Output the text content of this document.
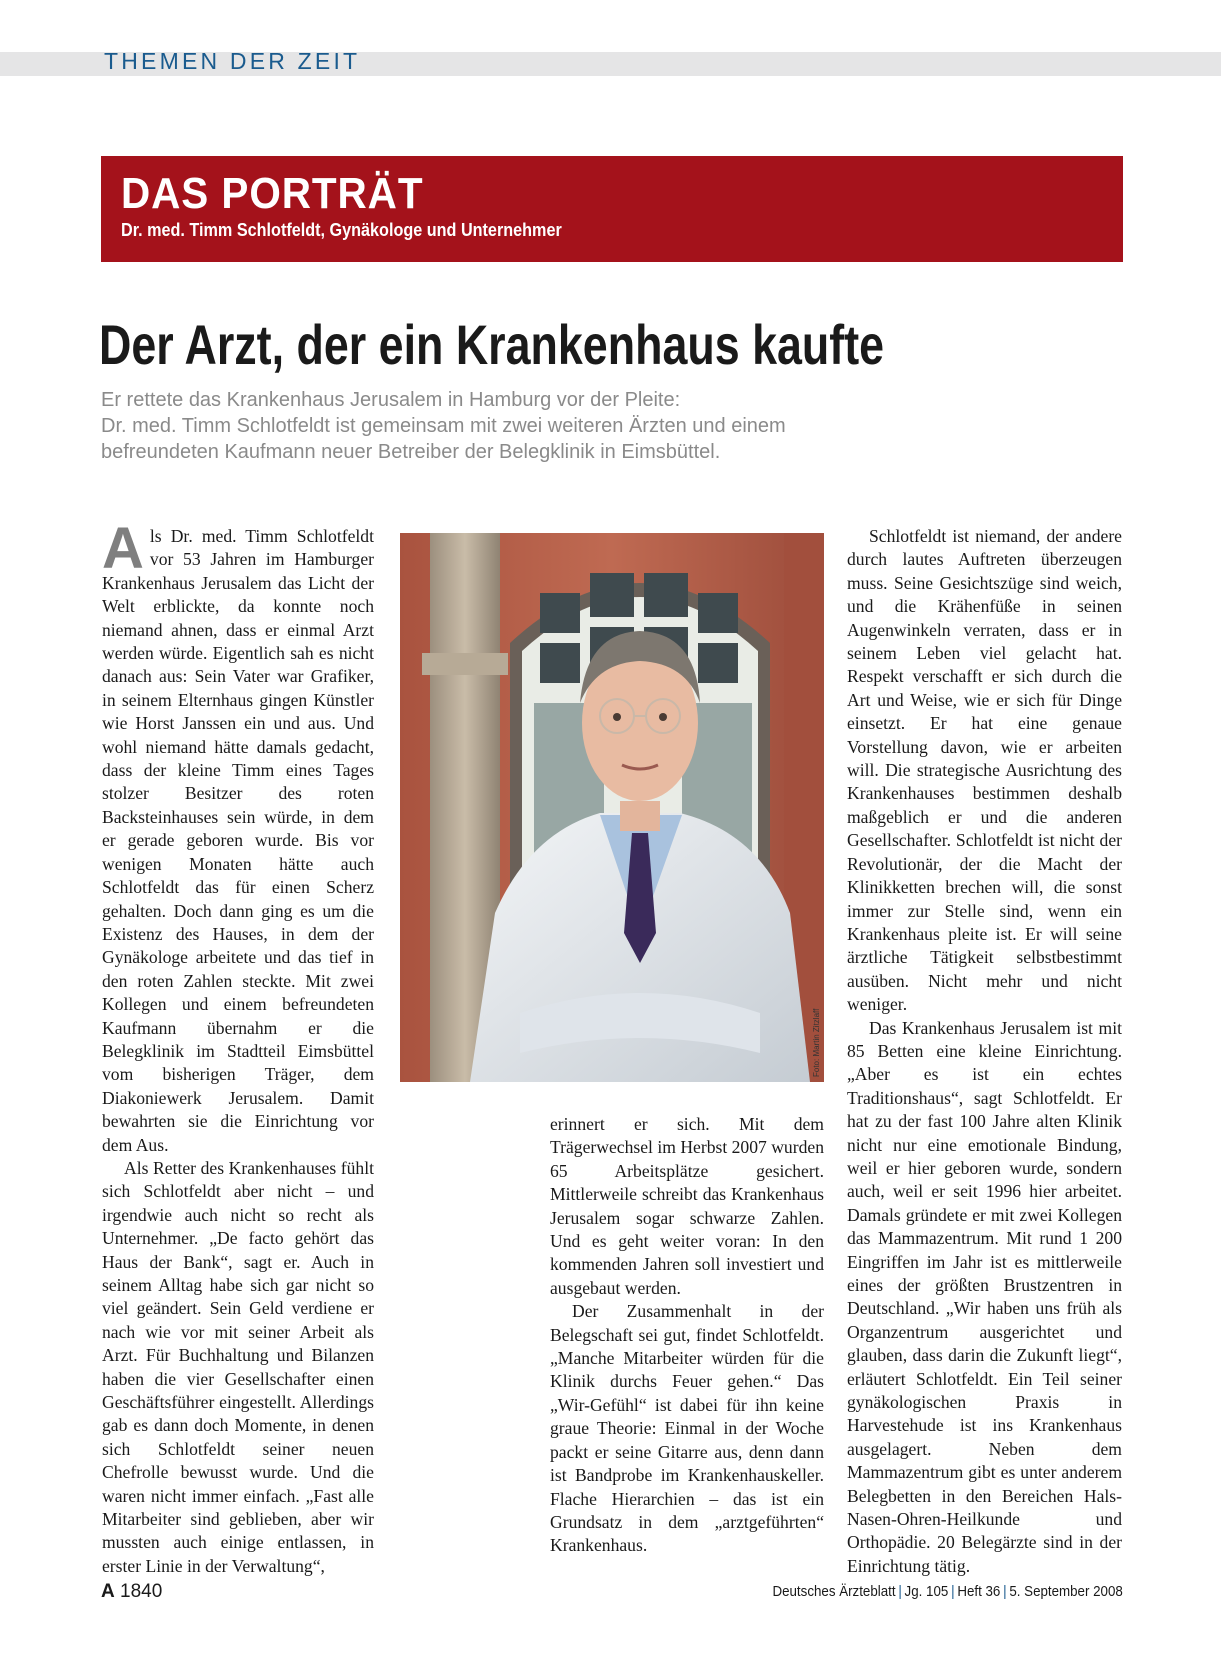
THEMEN DER ZEIT
DAS PORTRÄT
Dr. med. Timm Schlotfeldt, Gynäkologe und Unternehmer
Der Arzt, der ein Krankenhaus kaufte
Er rettete das Krankenhaus Jerusalem in Hamburg vor der Pleite:
Dr. med. Timm Schlotfeldt ist gemeinsam mit zwei weiteren Ärzten und einem
befreundeten Kaufmann neuer Betreiber der Belegklinik in Eimsbüttel.

Als Dr. med. Timm Schlotfeldt vor 53 Jahren im Hamburger Krankenhaus Jerusalem das Licht der Welt erblickte, da konnte noch niemand ahnen, dass er einmal Arzt werden würde. Eigentlich sah es nicht danach aus: Sein Vater war Grafiker, in seinem Elternhaus gingen Künstler wie Horst Janssen ein und aus. Und wohl niemand hätte damals gedacht, dass der kleine Timm eines Tages stolzer Besitzer des roten Backsteinhauses sein würde, in dem er gerade geboren wurde. Bis vor wenigen Monaten hätte auch Schlotfeldt das für einen Scherz gehalten. Doch dann ging es um die Existenz des Hauses, in dem der Gynäkologe arbeitete und das tief in den roten Zahlen steckte. Mit zwei Kollegen und einem befreundeten Kaufmann übernahm er die Belegklinik im Stadtteil Eimsbüttel vom bisherigen Träger, dem Diakoniewerk Jerusalem. Damit bewahrten sie die Einrichtung vor dem Aus.

Als Retter des Krankenhauses fühlt sich Schlotfeldt aber nicht – und irgendwie auch nicht so recht als Unternehmer. „De facto gehört das Haus der Bank“, sagt er. Auch in seinem Alltag habe sich gar nicht so viel geändert. Sein Geld verdiene er nach wie vor mit seiner Arbeit als Arzt. Für Buchhaltung und Bilanzen haben die vier Gesellschafter einen Geschäftsführer eingestellt. Allerdings gab es dann doch Momente, in denen sich Schlotfeldt seiner neuen Chefrolle bewusst wurde. Und die waren nicht immer einfach. „Fast alle Mitarbeiter sind geblieben, aber wir mussten auch einige entlassen, in erster Linie in der Verwaltung“,

Foto: Martin Zitzlaff

erinnert er sich. Mit dem Trägerwechsel im Herbst 2007 wurden 65 Arbeitsplätze gesichert. Mittlerweile schreibt das Krankenhaus Jerusalem sogar schwarze Zahlen. Und es geht weiter voran: In den kommenden Jahren soll investiert und ausgebaut werden.

Der Zusammenhalt in der Belegschaft sei gut, findet Schlotfeldt. „Manche Mitarbeiter würden für die Klinik durchs Feuer gehen.“ Das „Wir-Gefühl“ ist dabei für ihn keine graue Theorie: Einmal in der Woche packt er seine Gitarre aus, denn dann ist Bandprobe im Krankenhauskeller. Flache Hierarchien – das ist ein Grundsatz in dem „arztgeführten“ Krankenhaus.

Schlotfeldt ist niemand, der andere durch lautes Auftreten überzeugen muss. Seine Gesichtszüge sind weich, und die Krähenfüße in seinen Augenwinkeln verraten, dass er in seinem Leben viel gelacht hat. Respekt verschafft er sich durch die Art und Weise, wie er sich für Dinge einsetzt. Er hat eine genaue Vorstellung davon, wie er arbeiten will. Die strategische Ausrichtung des Krankenhauses bestimmen deshalb maßgeblich er und die anderen Gesellschafter. Schlotfeldt ist nicht der Revolutionär, der die Macht der Klinikketten brechen will, die sonst immer zur Stelle sind, wenn ein Krankenhaus pleite ist. Er will seine ärztliche Tätigkeit selbstbestimmt ausüben. Nicht mehr und nicht weniger.

Das Krankenhaus Jerusalem ist mit 85 Betten eine kleine Einrichtung. „Aber es ist ein echtes Traditionshaus“, sagt Schlotfeldt. Er hat zu der fast 100 Jahre alten Klinik nicht nur eine emotionale Bindung, weil er hier geboren wurde, sondern auch, weil er seit 1996 hier arbeitet. Damals gründete er mit zwei Kollegen das Mammazentrum. Mit rund 1 200 Eingriffen im Jahr ist es mittlerweile eines der größten Brustzentren in Deutschland. „Wir haben uns früh als Organzentrum ausgerichtet und glauben, dass darin die Zukunft liegt“, erläutert Schlotfeldt. Ein Teil seiner gynäkologischen Praxis in Harvestehude ist ins Krankenhaus ausgelagert. Neben dem Mammazentrum gibt es unter anderem Belegbetten in den Bereichen Hals-Nasen-Ohren-Heilkunde und Orthopädie. 20 Belegärzte sind in der Einrichtung tätig.

A 1840	Deutsches Ärzteblatt | Jg. 105 | Heft 36 | 5. September 2008
